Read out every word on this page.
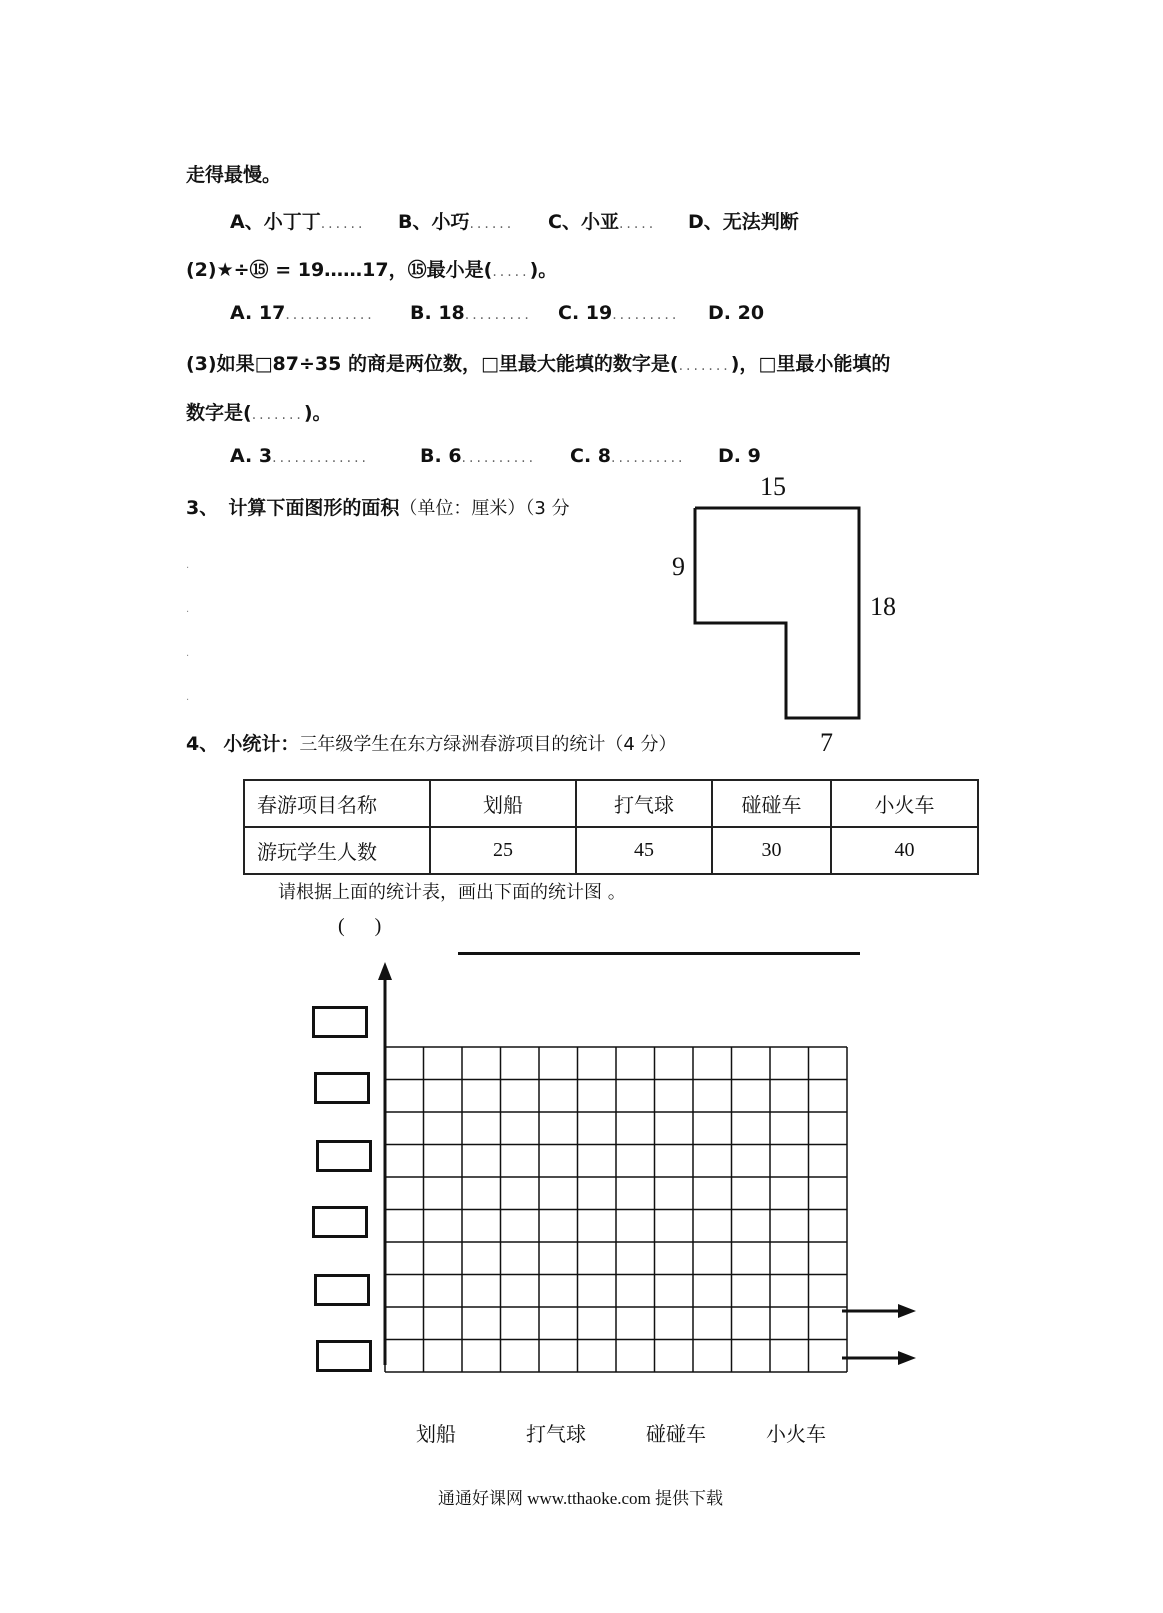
走得最慢。
A、小丁丁...... B、小巧...... C、小亚..... D、无法判断
(2)★÷⑮ = 19……17，⑮最小是(.....)。
A. 17............ B. 18......... C. 19......... D. 20
(3)如果□87÷35 的商是两位数，□里最大能填的数字是(.......)，□里最小能填的
数字是(.......)。
A. 3.............	B. 6.......... C. 8.......... D. 9
3、 计算下面图形的面积（单位：厘米）（3 分
.

.

.

.
15
9
18
7
4、 小统计：三年级学生在东方绿洲春游项目的统计（4 分）
春游项目名称	划船	打气球	碰碰车	小火车
游玩学生人数	25	45	30	40
请根据上面的统计表，画出下面的统计图 。
(      )
划船	打气球	碰碰车	小火车
通通好课网 www.tthaoke.com 提供下载
